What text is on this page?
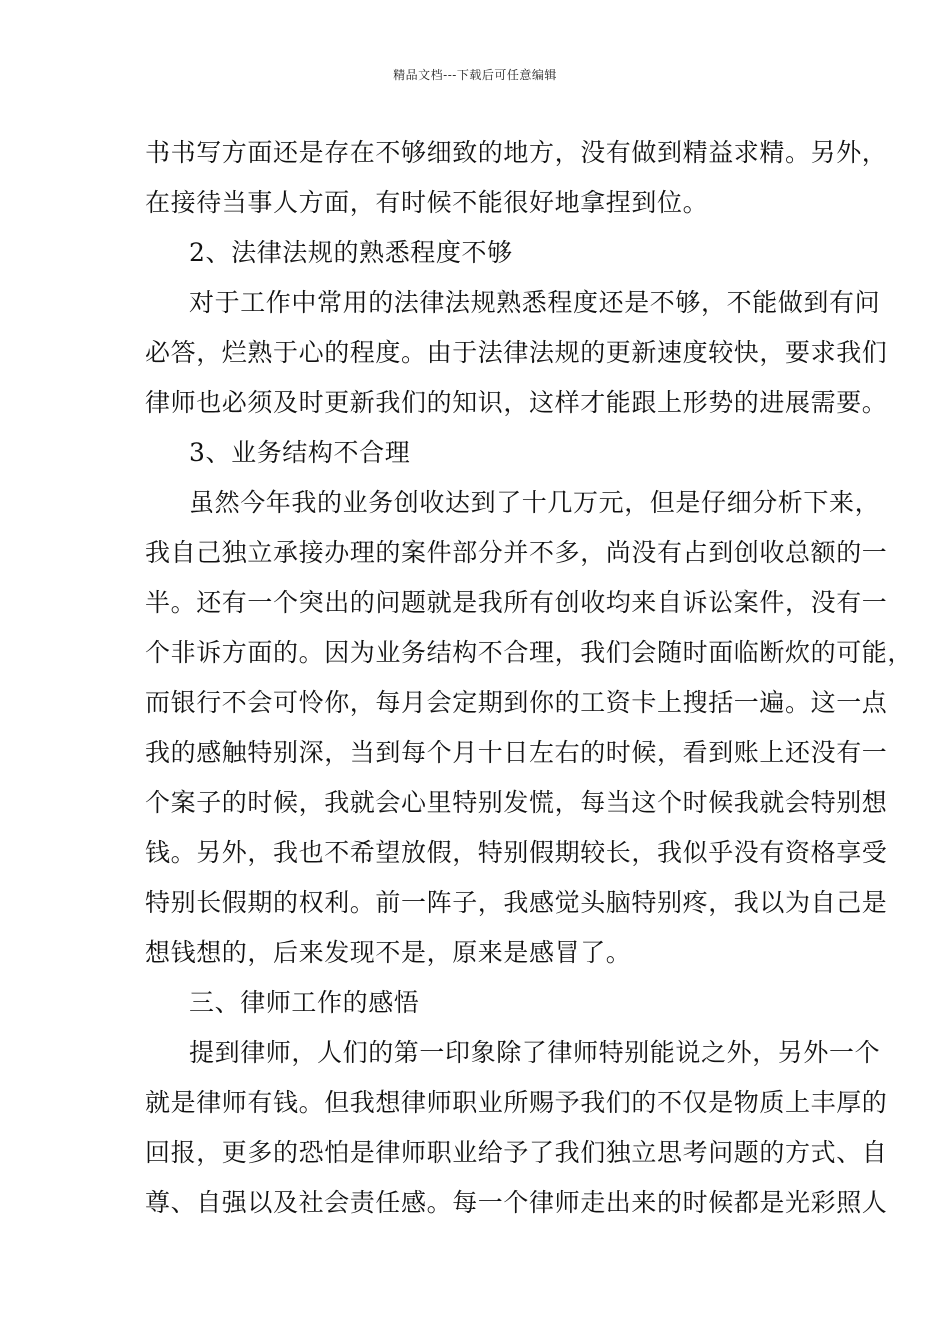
精品文档---下载后可任意编辑
书书写方面还是存在不够细致的地方，没有做到精益求精。另外，
在接待当事人方面，有时候不能很好地拿捏到位。
2、法律法规的熟悉程度不够
对于工作中常用的法律法规熟悉程度还是不够，不能做到有问
必答，烂熟于心的程度。由于法律法规的更新速度较快，要求我们
律师也必须及时更新我们的知识，这样才能跟上形势的进展需要。
3、业务结构不合理
虽然今年我的业务创收达到了十几万元，但是仔细分析下来，
我自己独立承接办理的案件部分并不多，尚没有占到创收总额的一
半。还有一个突出的问题就是我所有创收均来自诉讼案件，没有一
个非诉方面的。因为业务结构不合理，我们会随时面临断炊的可能，
而银行不会可怜你，每月会定期到你的工资卡上搜括一遍。这一点
我的感触特别深，当到每个月十日左右的时候，看到账上还没有一
个案子的时候，我就会心里特别发慌，每当这个时候我就会特别想
钱。另外，我也不希望放假，特别假期较长，我似乎没有资格享受
特别长假期的权利。前一阵子，我感觉头脑特别疼，我以为自己是
想钱想的，后来发现不是，原来是感冒了。
三、律师工作的感悟
提到律师，人们的第一印象除了律师特别能说之外，另外一个
就是律师有钱。但我想律师职业所赐予我们的不仅是物质上丰厚的
回报，更多的恐怕是律师职业给予了我们独立思考问题的方式、自
尊、自强以及社会责任感。每一个律师走出来的时候都是光彩照人
